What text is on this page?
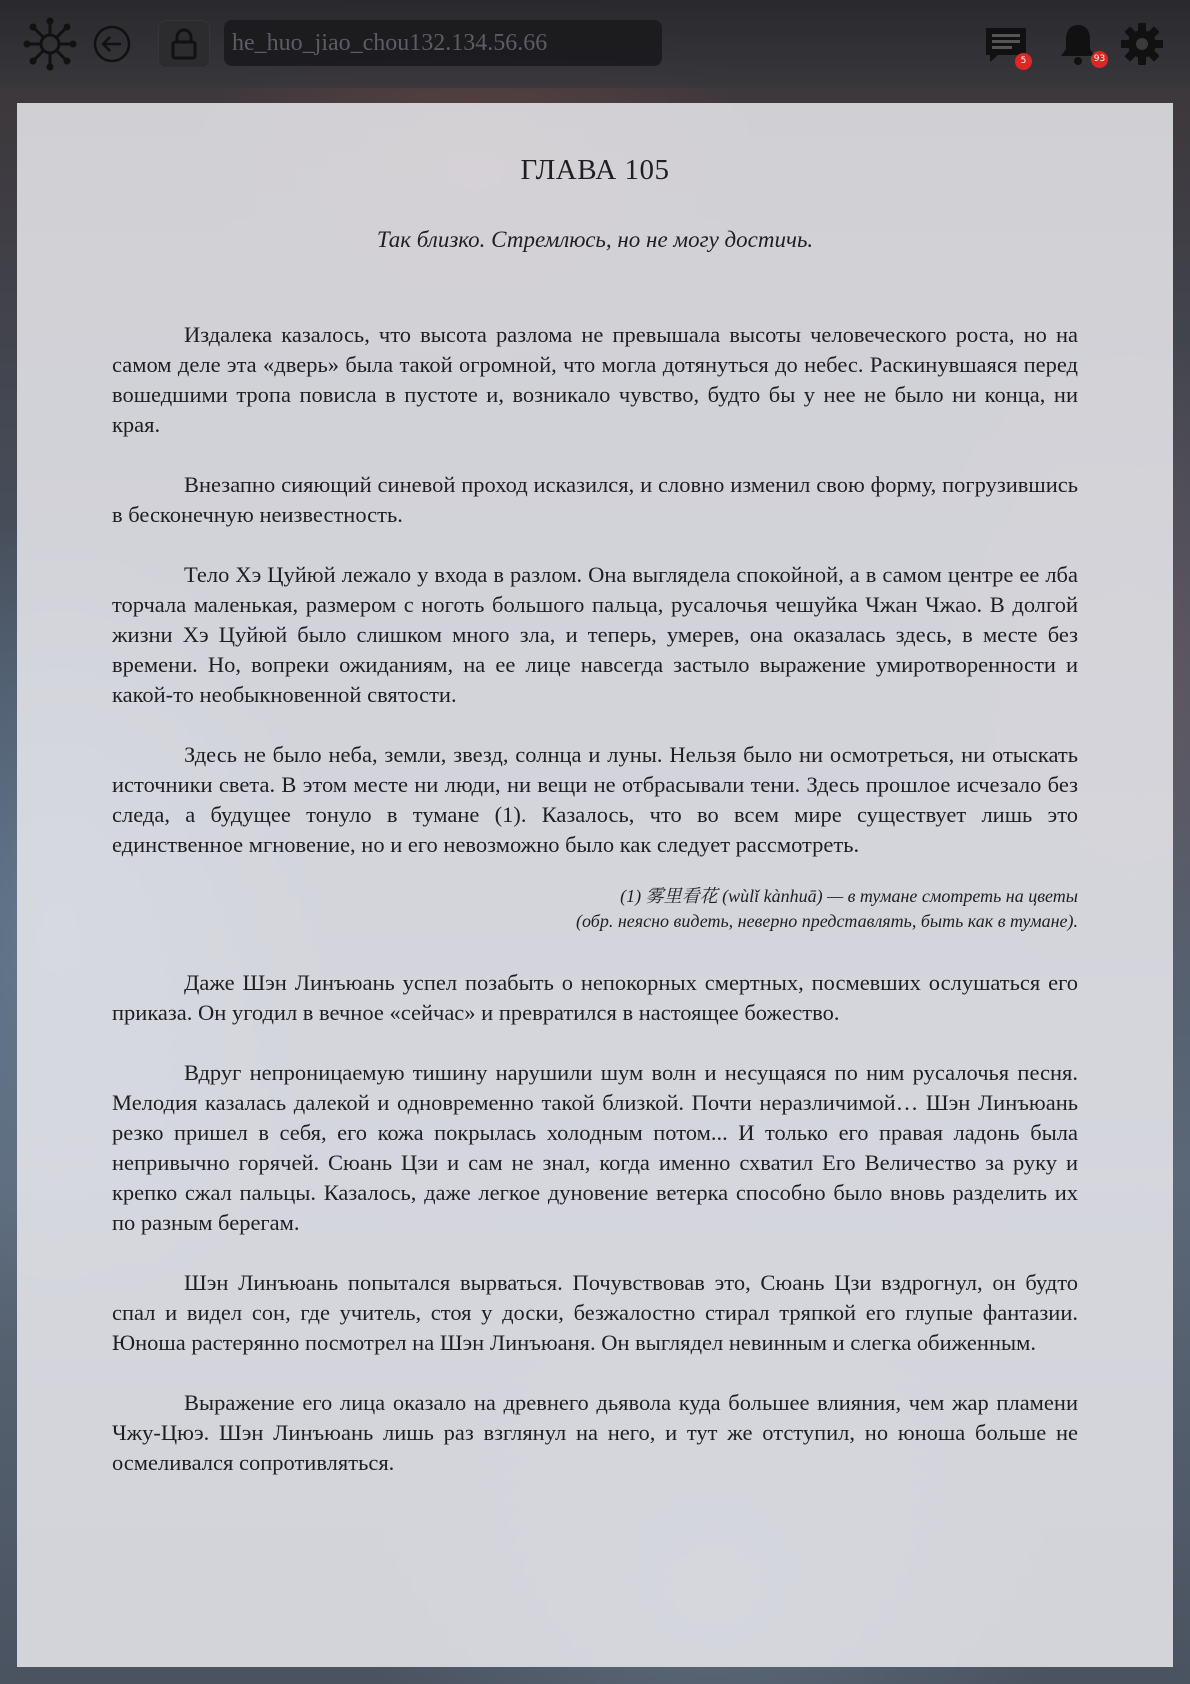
he_huo_jiao_chou132.134.56.66
5	93
ГЛАВА 105

Так близко. Стремлюсь, но не могу достичь.

Издалека казалось, что высота разлома не превышала высоты человеческого роста, но на самом деле эта «дверь» была такой огромной, что могла дотянуться до небес. Раскинувшаяся перед вошедшими тропа повисла в пустоте и, возникало чувство, будто бы у нее не было ни конца, ни края.

Внезапно сияющий синевой проход исказился, и словно изменил свою форму, погрузившись в бесконечную неизвестность.

Тело Хэ Цуйюй лежало у входа в разлом. Она выглядела спокойной, а в самом центре ее лба торчала маленькая, размером с ноготь большого пальца, русалочья чешуйка Чжан Чжао. В долгой жизни Хэ Цуйюй было слишком много зла, и теперь, умерев, она оказалась здесь, в месте без времени. Но, вопреки ожиданиям, на ее лице навсегда застыло выражение умиротворенности и какой-то необыкновенной святости.

Здесь не было неба, земли, звезд, солнца и луны. Нельзя было ни осмотреться, ни отыскать источники света. В этом месте ни люди, ни вещи не отбрасывали тени. Здесь прошлое исчезало без следа, а будущее тонуло в тумане (1). Казалось, что во всем мире существует лишь это единственное мгновение, но и его невозможно было как следует рассмотреть.

(1) 雾里看花 (wùlǐ kànhuā) — в тумане смотреть на цветы
(обр. неясно видеть, неверно представлять, быть как в тумане).

Даже Шэн Линъюань успел позабыть о непокорных смертных, посмевших ослушаться его приказа. Он угодил в вечное «сейчас» и превратился в настоящее божество.

Вдруг непроницаемую тишину нарушили шум волн и несущаяся по ним русалочья песня. Мелодия казалась далекой и одновременно такой близкой. Почти неразличимой… Шэн Линъюань резко пришел в себя, его кожа покрылась холодным потом... И только его правая ладонь была непривычно горячей. Сюань Цзи и сам не знал, когда именно схватил Его Величество за руку и крепко сжал пальцы. Казалось, даже легкое дуновение ветерка способно было вновь разделить их по разным берегам.

Шэн Линъюань попытался вырваться. Почувствовав это, Сюань Цзи вздрогнул, он будто спал и видел сон, где учитель, стоя у доски, безжалостно стирал тряпкой его глупые фантазии. Юноша растерянно посмотрел на Шэн Линъюаня. Он выглядел невинным и слегка обиженным.

Выражение его лица оказало на древнего дьявола куда большее влияния, чем жар пламени Чжу-Цюэ. Шэн Линъюань лишь раз взглянул на него, и тут же отступил, но юноша больше не осмеливался сопротивляться.
